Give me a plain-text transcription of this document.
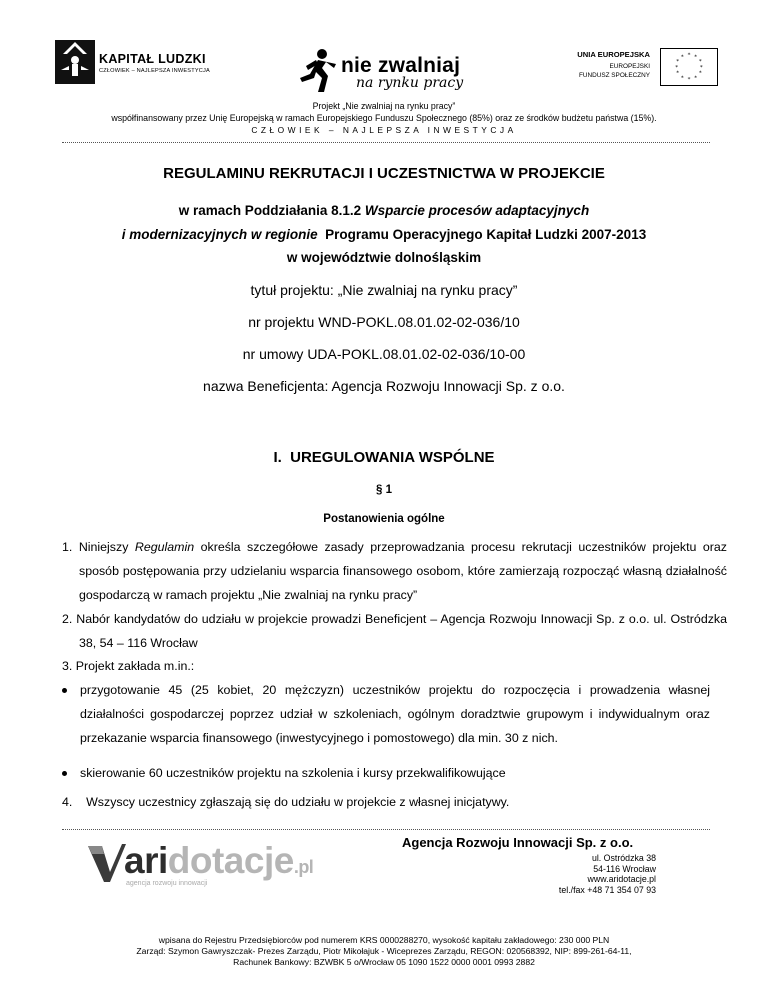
KAPITAŁ LUDZKI
CZŁOWIEK – NAJLEPSZA INWESTYCJA	nie zwalniaj
na rynku pracy
UNIA EUROPEJSKA
EUROPEJSKI
FUNDUSZ SPOŁECZNY
* *
*
*
*
*
*
*
*
*
*
*
Projekt „Nie zwalniaj na rynku pracy”
współfinansowany przez Unię Europejską w ramach Europejskiego Funduszu Społecznego (85%) oraz ze środków budżetu państwa (15%).
CZŁOWIEK – NAJLEPSZA INWESTYCJA
REGULAMINU REKRUTACJI I UCZESTNICTWA W PROJEKCIE
w ramach Poddziałania 8.1.2 Wsparcie procesów adaptacyjnych
i modernizacyjnych w regionie  Programu Operacyjnego Kapitał Ludzki 2007-2013
w województwie dolnośląskim
tytuł projektu: „Nie zwalniaj na rynku pracy”
nr projektu WND-POKL.08.01.02-02-036/10
nr umowy UDA-POKL.08.01.02-02-036/10-00
nazwa Beneficjenta: Agencja Rozwoju Innowacji Sp. z o.o.
I.  UREGULOWANIA WSPÓLNE
§ 1
Postanowienia ogólne
1. Niniejszy Regulamin określa szczegółowe zasady przeprowadzania procesu rekrutacji uczestników projektu oraz sposób postępowania przy udzielaniu wsparcia finansowego osobom, które zamierzają rozpocząć własną działalność gospodarczą w ramach projektu „Nie zwalniaj na rynku pracy”
2. Nabór kandydatów do udziału w projekcie prowadzi Beneficjent – Agencja Rozwoju Innowacji Sp. z o.o. ul. Ostródzka 38, 54 – 116 Wrocław
3. Projekt zakłada m.in.:
przygotowanie 45 (25 kobiet, 20 mężczyzn) uczestników projektu do rozpoczęcia i prowadzenia własnej działalności gospodarczej poprzez udział w szkoleniach, ogólnym doradztwie grupowym i indywidualnym oraz przekazanie wsparcia finansowego (inwestycyjnego i pomostowego) dla min. 30 z nich.
skierowanie 60 uczestników projektu na szkolenia i kursy przekwalifikowujące
4.    Wszyscy uczestnicy zgłaszają się do udziału w projekcie z własnej inicjatywy.
aridotacje.pl
agencja rozwoju innowacji
Agencja Rozwoju Innowacji Sp. z o.o.
ul. Ostródzka 38
54-116 Wrocław
www.aridotacje.pl
tel./fax +48 71 354 07 93
wpisana do Rejestru Przedsiębiorców pod numerem KRS 0000288270, wysokość kapitału zakładowego: 230 000 PLN
Zarząd: Szymon Gawryszczak- Prezes Zarządu, Piotr Mikołajuk - Wiceprezes Zarządu, REGON: 020568392, NIP: 899-261-64-11,
Rachunek Bankowy: BZWBK 5 o/Wrocław 05 1090 1522 0000 0001 0993 2882
